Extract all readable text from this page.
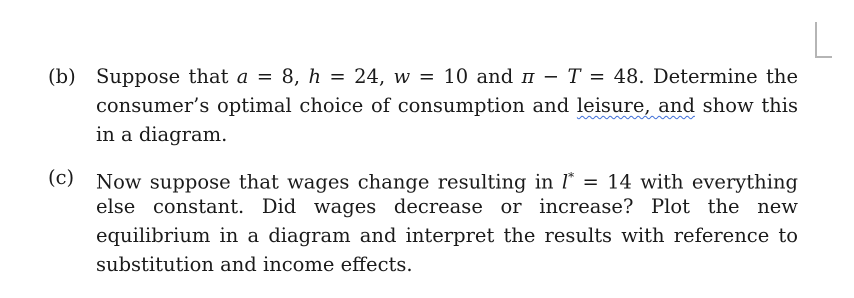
(b) Suppose that a = 8, h = 24, w = 10 and π − T = 48. Determine the
consumer’s optimal choice of consumption and leisure, and show this
in a diagram.
(c) Now suppose that wages change resulting in l* = 14 with everything
else constant. Did wages decrease or increase? Plot the new
equilibrium in a diagram and interpret the results with reference to
substitution and income effects.
